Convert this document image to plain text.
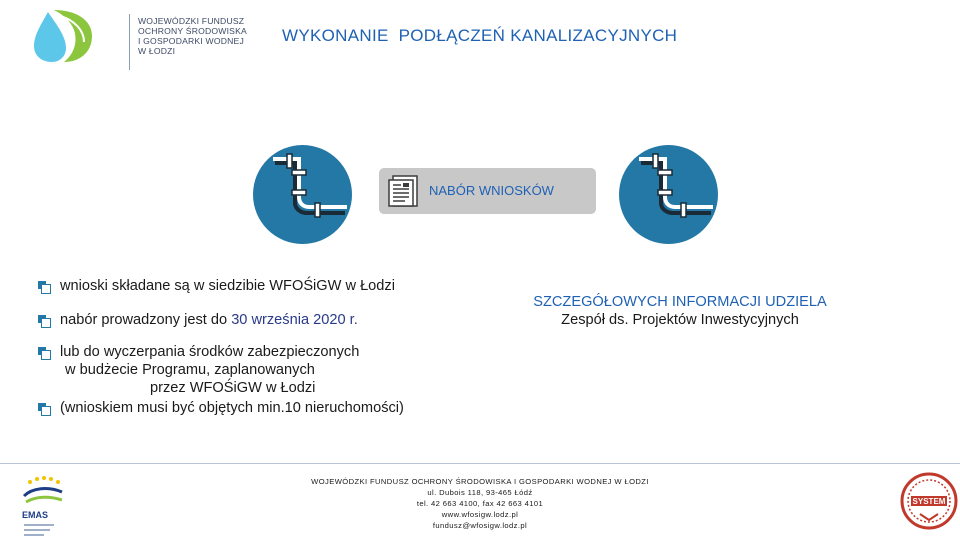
WOJEWÓDZKI FUNDUSZ
OCHRONY ŚRODOWISKA
I GOSPODARKI WODNEJ
W ŁODZI
WYKONANIE  PODŁĄCZEŃ KANALIZACYJNYCH
NABÓR WNIOSKÓW
wnioski składane są w siedzibie WFOŚiGW w Łodzi
nabór prowadzony jest do 30 września 2020 r.
lub do wyczerpania środków zabezpieczonych
w budżecie Programu, zaplanowanych
przez WFOŚiGW w Łodzi
(wnioskiem musi być objętych min.10 nieruchomości)
SZCZEGÓŁOWYCH INFORMACJI UDZIELA
Zespół ds. Projektów Inwestycyjnych
EMAS
WOJEWÓDZKI FUNDUSZ OCHRONY ŚRODOWISKA I GOSPODARKI WODNEJ W ŁODZI
ul. Dubois 118, 93-465 Łódź
tel. 42 663 4100, fax 42 663 4101
www.wfosigw.lodz.pl
fundusz@wfosigw.lodz.pl
SYSTEM
